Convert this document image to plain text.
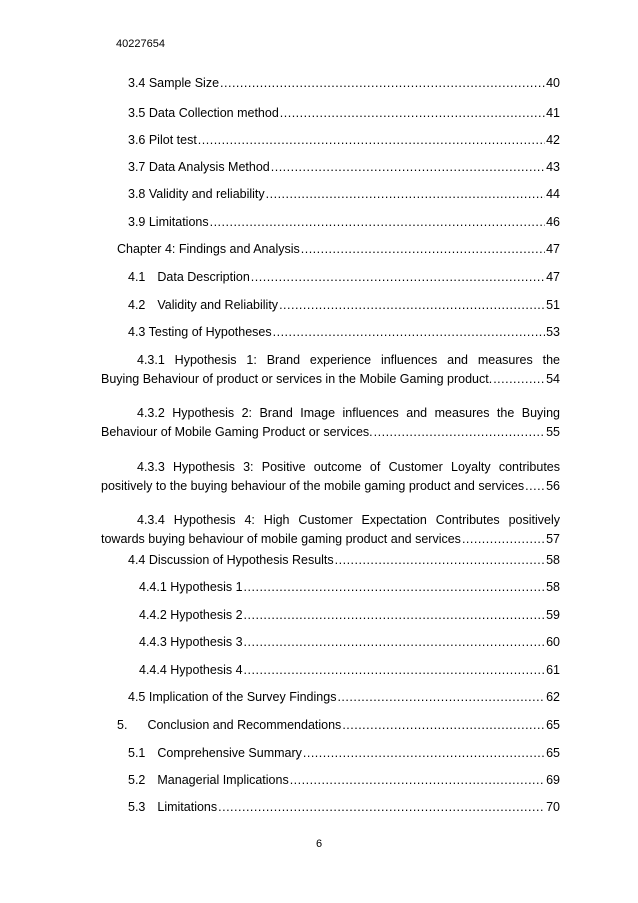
40227654
3.4 Sample Size .....	40
3.5 Data Collection method .....	41
3.6 Pilot test .....	42
3.7 Data Analysis Method .....	43
3.8 Validity and reliability .....	44
3.9 Limitations .....	46
Chapter 4: Findings and Analysis .....	47
4.1 Data Description .....	47
4.2 Validity and Reliability .....	51
4.3 Testing of Hypotheses .....	53
4.3.1 Hypothesis 1: Brand experience influences and measures the
Buying Behaviour of product or services in the Mobile Gaming product. .....	54
4.3.2 Hypothesis 2: Brand Image influences and measures the Buying
Behaviour of Mobile Gaming Product or services. .....	55
4.3.3 Hypothesis 3: Positive outcome of Customer Loyalty contributes
positively to the buying behaviour of the mobile gaming product and services ..... 56
4.3.4 Hypothesis 4: High Customer Expectation Contributes positively
towards buying behaviour of mobile gaming product and services .....	57
4.4 Discussion of Hypothesis Results .....	58
4.4.1 Hypothesis 1 .....	58
4.4.2 Hypothesis 2 .....	59
4.4.3 Hypothesis 3 .....	60
4.4.4 Hypothesis 4 .....	61
4.5 Implication of the Survey Findings .....	62
5. Conclusion and Recommendations .....	65
5.1 Comprehensive Summary .....	65
5.2 Managerial Implications .....	69
5.3 Limitations .....	70
6
